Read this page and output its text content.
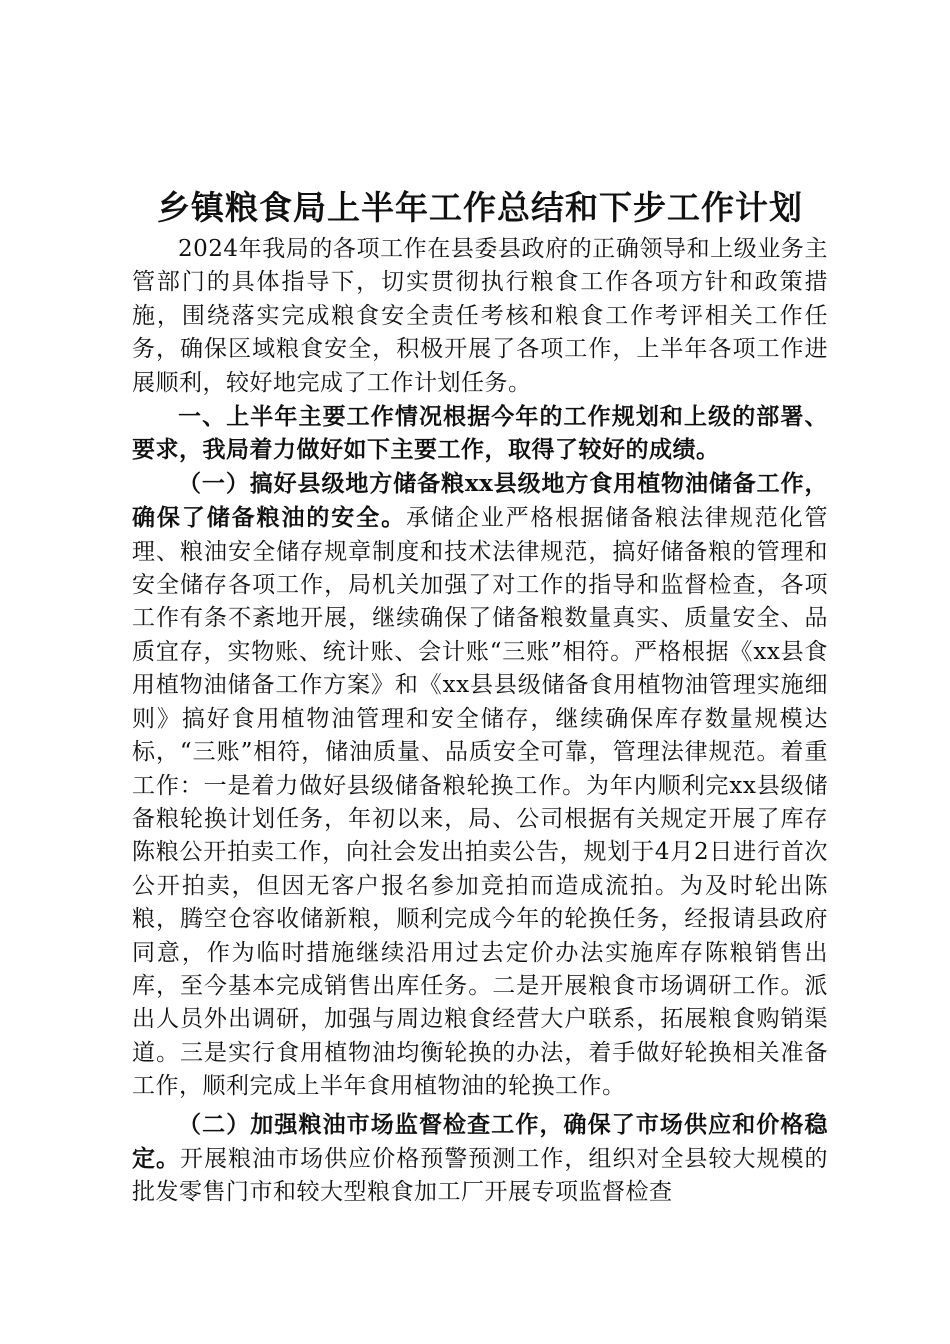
乡镇粮食局上半年工作总结和下步工作计划

2024年我局的各项工作在县委县政府的正确领导和上级业务主管部门的具体指导下，切实贯彻执行粮食工作各项方针和政策措施，围绕落实完成粮食安全责任考核和粮食工作考评相关工作任务，确保区域粮食安全，积极开展了各项工作，上半年各项工作进展顺利，较好地完成了工作计划任务。

一、上半年主要工作情况根据今年的工作规划和上级的部署、要求，我局着力做好如下主要工作，取得了较好的成绩。

（一）搞好县级地方储备粮xx县级地方食用植物油储备工作，确保了储备粮油的安全。承储企业严格根据储备粮法律规范化管理、粮油安全储存规章制度和技术法律规范，搞好储备粮的管理和安全储存各项工作，局机关加强了对工作的指导和监督检查，各项工作有条不紊地开展，继续确保了储备粮数量真实、质量安全、品质宜存，实物账、统计账、会计账“三账”相符。严格根据《xx县食用植物油储备工作方案》和《xx县县级储备食用植物油管理实施细则》搞好食用植物油管理和安全储存，继续确保库存数量规模达标，“三账”相符，储油质量、品质安全可靠，管理法律规范。着重工作：一是着力做好县级储备粮轮换工作。为年内顺利完xx县级储备粮轮换计划任务，年初以来，局、公司根据有关规定开展了库存陈粮公开拍卖工作，向社会发出拍卖公告，规划于4月2日进行首次公开拍卖，但因无客户报名参加竞拍而造成流拍。为及时轮出陈粮，腾空仓容收储新粮，顺利完成今年的轮换任务，经报请县政府同意，作为临时措施继续沿用过去定价办法实施库存陈粮销售出库，至今基本完成销售出库任务。二是开展粮食市场调研工作。派出人员外出调研，加强与周边粮食经营大户联系，拓展粮食购销渠道。三是实行食用植物油均衡轮换的办法，着手做好轮换相关准备工作，顺利完成上半年食用植物油的轮换工作。

（二）加强粮油市场监督检查工作，确保了市场供应和价格稳定。开展粮油市场供应价格预警预测工作，组织对全县较大规模的批发零售门市和较大型粮食加工厂开展专项监督检查
